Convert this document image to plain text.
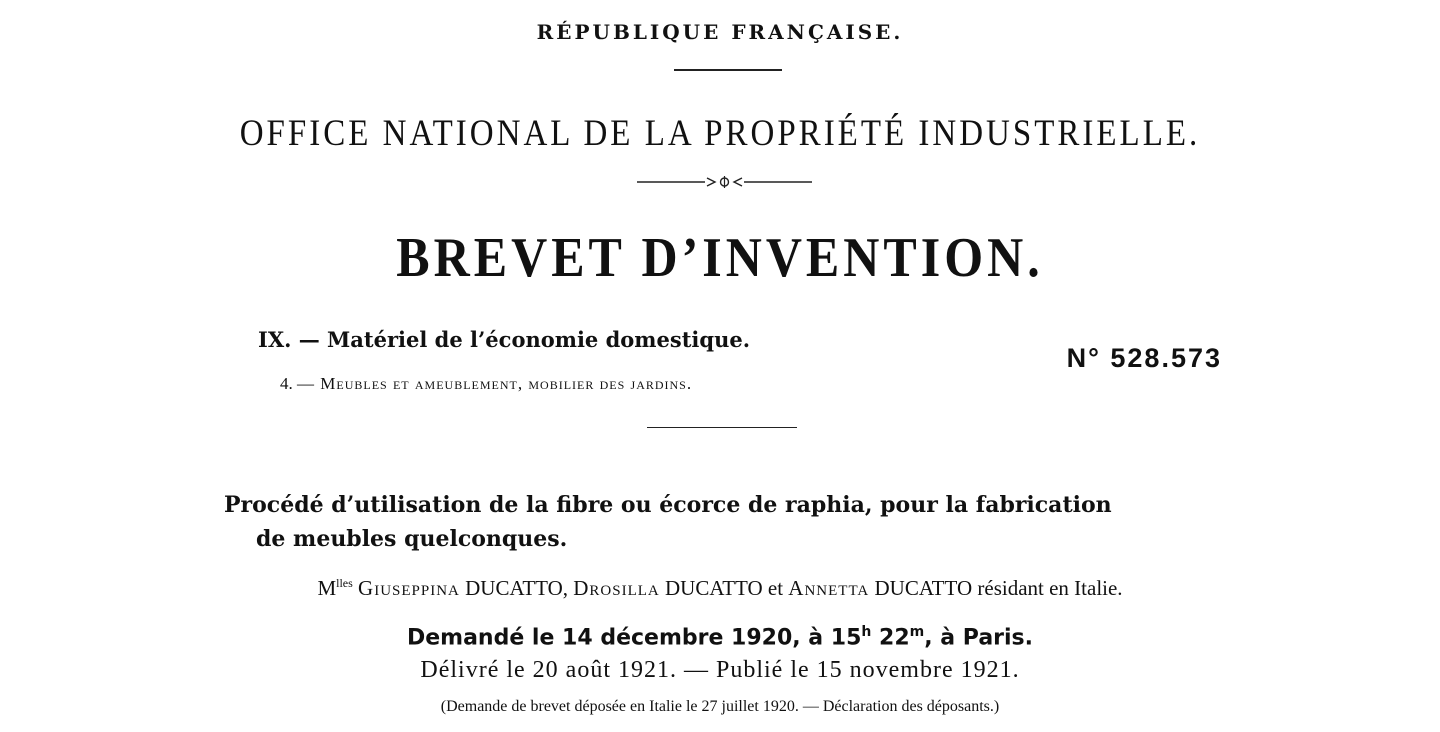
RÉPUBLIQUE FRANÇAISE.
OFFICE NATIONAL DE LA PROPRIÉTÉ INDUSTRIELLE.
BREVET D’INVENTION.
IX. — Matériel de l’économie domestique.
4. — Meubles et ameublement, mobilier des jardins.
N° 528.573
Procédé d’utilisation de la fibre ou écorce de raphia, pour la fabrication
de meubles quelconques.
$M^{lles}$ Giuseppina DUCATTO, Drosilla DUCATTO et Annetta DUCATTO résidant en Italie.
Demandé le 14 décembre 1920, à 15$^h$ 22$^m$, à Paris.
Délivré le 20 août 1921. — Publié le 15 novembre 1921.
(Demande de brevet déposée en Italie le 27 juillet 1920. — Déclaration des déposants.)
